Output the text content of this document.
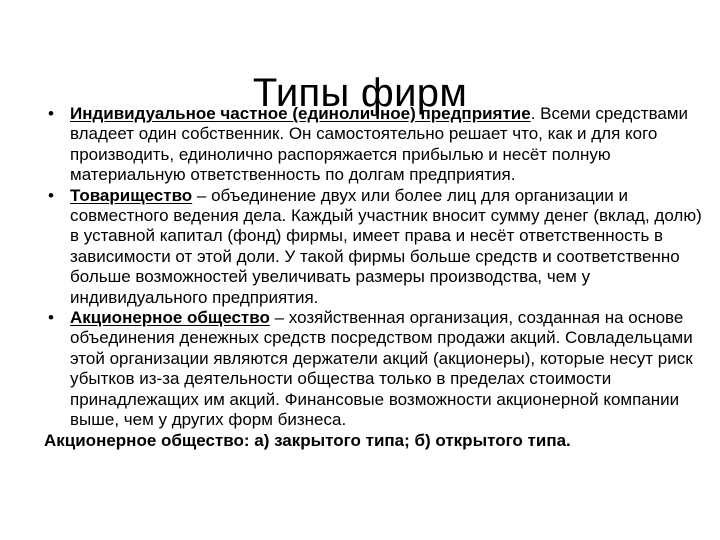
Типы фирм
• Индивидуальное частное (единоличное) предприятие. Всеми средствами владеет один собственник. Он самостоятельно решает что, как и для кого производить, единолично распоряжается прибылью и несёт полную материальную ответственность по долгам предприятия.
• Товарищество – объединение двух или более лиц для организации и совместного ведения дела. Каждый участник вносит сумму денег (вклад, долю) в уставной капитал (фонд) фирмы, имеет права и несёт ответственность в зависимости от этой доли. У такой фирмы больше средств и соответственно больше возможностей увеличивать размеры производства, чем у индивидуального предприятия.
• Акционерное общество – хозяйственная организация, созданная на основе объединения денежных средств посредством продажи акций. Совладельцами этой организации являются держатели акций (акционеры), которые несут риск убытков из-за деятельности общества только в пределах стоимости принадлежащих им акций. Финансовые возможности акционерной компании выше, чем у других форм бизнеса.

Акционерное общество: а) закрытого типа; б) открытого типа.
